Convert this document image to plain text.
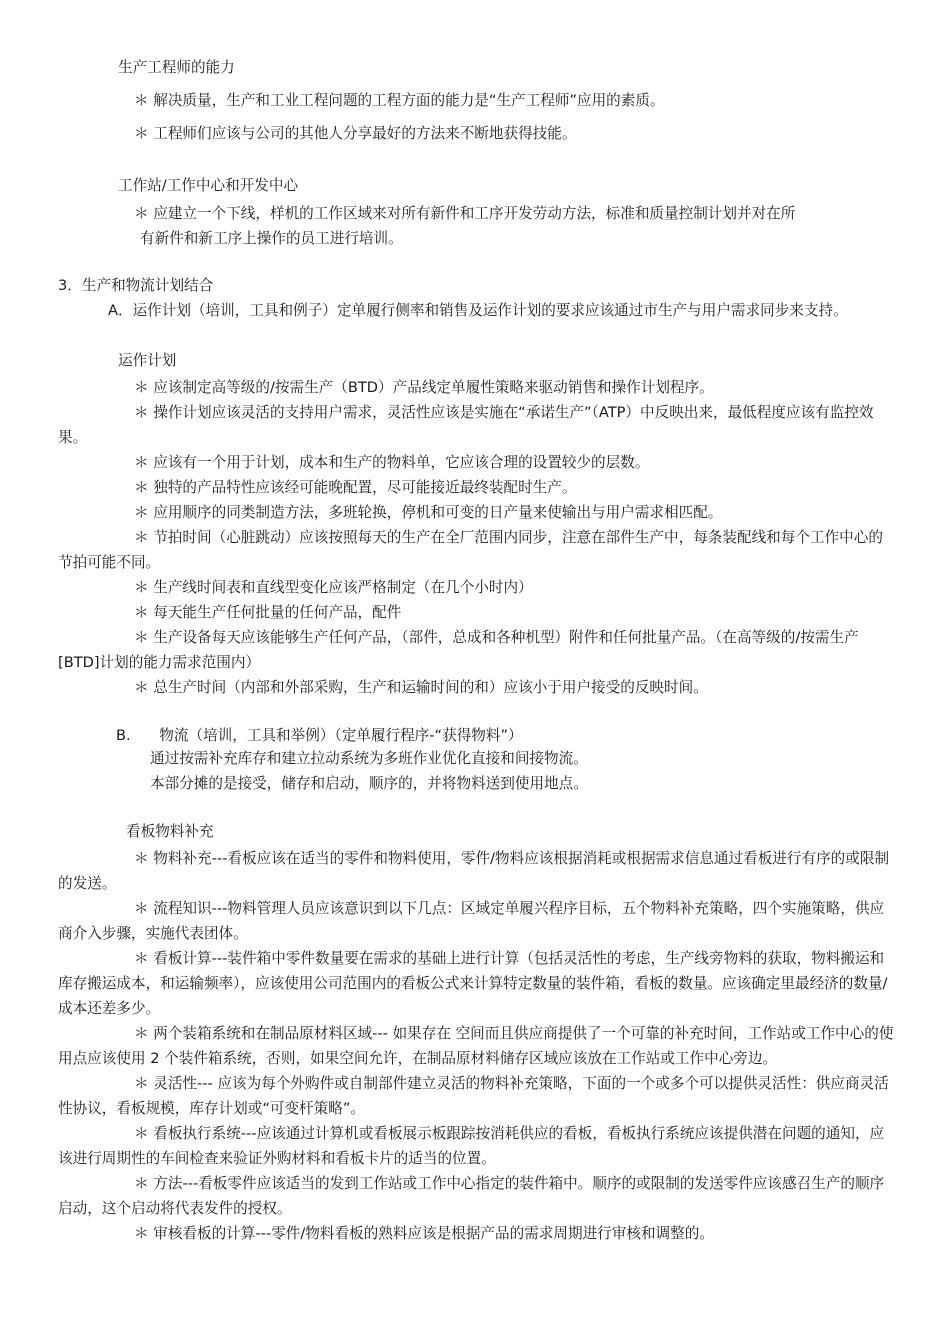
生产工程师的能力
＊ 解决质量，生产和工业工程问题的工程方面的能力是“生产工程师”应用的素质。
＊ 工程师们应该与公司的其他人分享最好的方法来不断地获得技能。
工作站/工作中心和开发中心
＊ 应建立一个下线，样机的工作区域来对所有新件和工序开发劳动方法，标准和质量控制计划并对在所
有新件和新工序上操作的员工进行培训。
3．生产和物流计划结合
A．运作计划（培训，工具和例子）定单履行侧率和销售及运作计划的要求应该通过市生产与用户需求同步来支持。
运作计划
＊ 应该制定高等级的/按需生产（BTD）产品线定单履性策略来驱动销售和操作计划程序。
＊ 操作计划应该灵活的支持用户需求，灵活性应该是实施在“承诺生产”（ATP）中反映出来，最低程度应该有监控效果。
＊ 应该有一个用于计划，成本和生产的物料单，它应该合理的设置较少的层数。
＊ 独特的产品特性应该经可能晚配置，尽可能接近最终装配时生产。
＊ 应用顺序的同类制造方法，多班轮换，停机和可变的日产量来使输出与用户需求相匹配。
＊ 节拍时间（心脏跳动）应该按照每天的生产在全厂范围内同步，注意在部件生产中，每条装配线和每个工作中心的节拍可能不同。
＊ 生产线时间表和直线型变化应该严格制定（在几个小时内）
＊ 每天能生产任何批量的任何产品，配件
＊ 生产设备每天应该能够生产任何产品，（部件，总成和各种机型）附件和任何批量产品。（在高等级的/按需生产[BTD]计划的能力需求范围内）
＊ 总生产时间（内部和外部采购，生产和运输时间的和）应该小于用户接受的反映时间。
B. 物流（培训，工具和举例）（定单履行程序-“获得物料”）
通过按需补充库存和建立拉动系统为多班作业优化直接和间接物流。
本部分摊的是接受，储存和启动，顺序的，并将物料送到使用地点。
看板物料补充
＊ 物料补充---看板应该在适当的零件和物料使用，零件/物料应该根据消耗或根据需求信息通过看板进行有序的或限制的发送。
＊ 流程知识---物料管理人员应该意识到以下几点：区域定单履兴程序目标，五个物料补充策略，四个实施策略，供应商介入步骤，实施代表团体。
＊ 看板计算---装件箱中零件数量要在需求的基础上进行计算（包括灵活性的考虑，生产线旁物料的获取，物料搬运和库存搬运成本，和运输频率），应该使用公司范围内的看板公式来计算特定数量的装件箱，看板的数量。应该确定里最经济的数量/成本还差多少。
＊ 两个装箱系统和在制品原材料区域--- 如果存在 空间而且供应商提供了一个可靠的补充时间，工作站或工作中心的使用点应该使用 2 个装件箱系统，否则，如果空间允许，在制品原材料储存区域应该放在工作站或工作中心旁边。
＊ 灵活性--- 应该为每个外购件或自制部件建立灵活的物料补充策略，下面的一个或多个可以提供灵活性：供应商灵活性协议，看板规模，库存计划或“可变杆策略”。
＊ 看板执行系统---应该通过计算机或看板展示板跟踪按消耗供应的看板，看板执行系统应该提供潜在问题的通知，应该进行周期性的车间检查来验证外购材料和看板卡片的适当的位置。
＊ 方法---看板零件应该适当的发到工作站或工作中心指定的装件箱中。顺序的或限制的发送零件应该感召生产的顺序启动，这个启动将代表发件的授权。
＊ 审核看板的计算---零件/物料看板的熟料应该是根据产品的需求周期进行审核和调整的。
